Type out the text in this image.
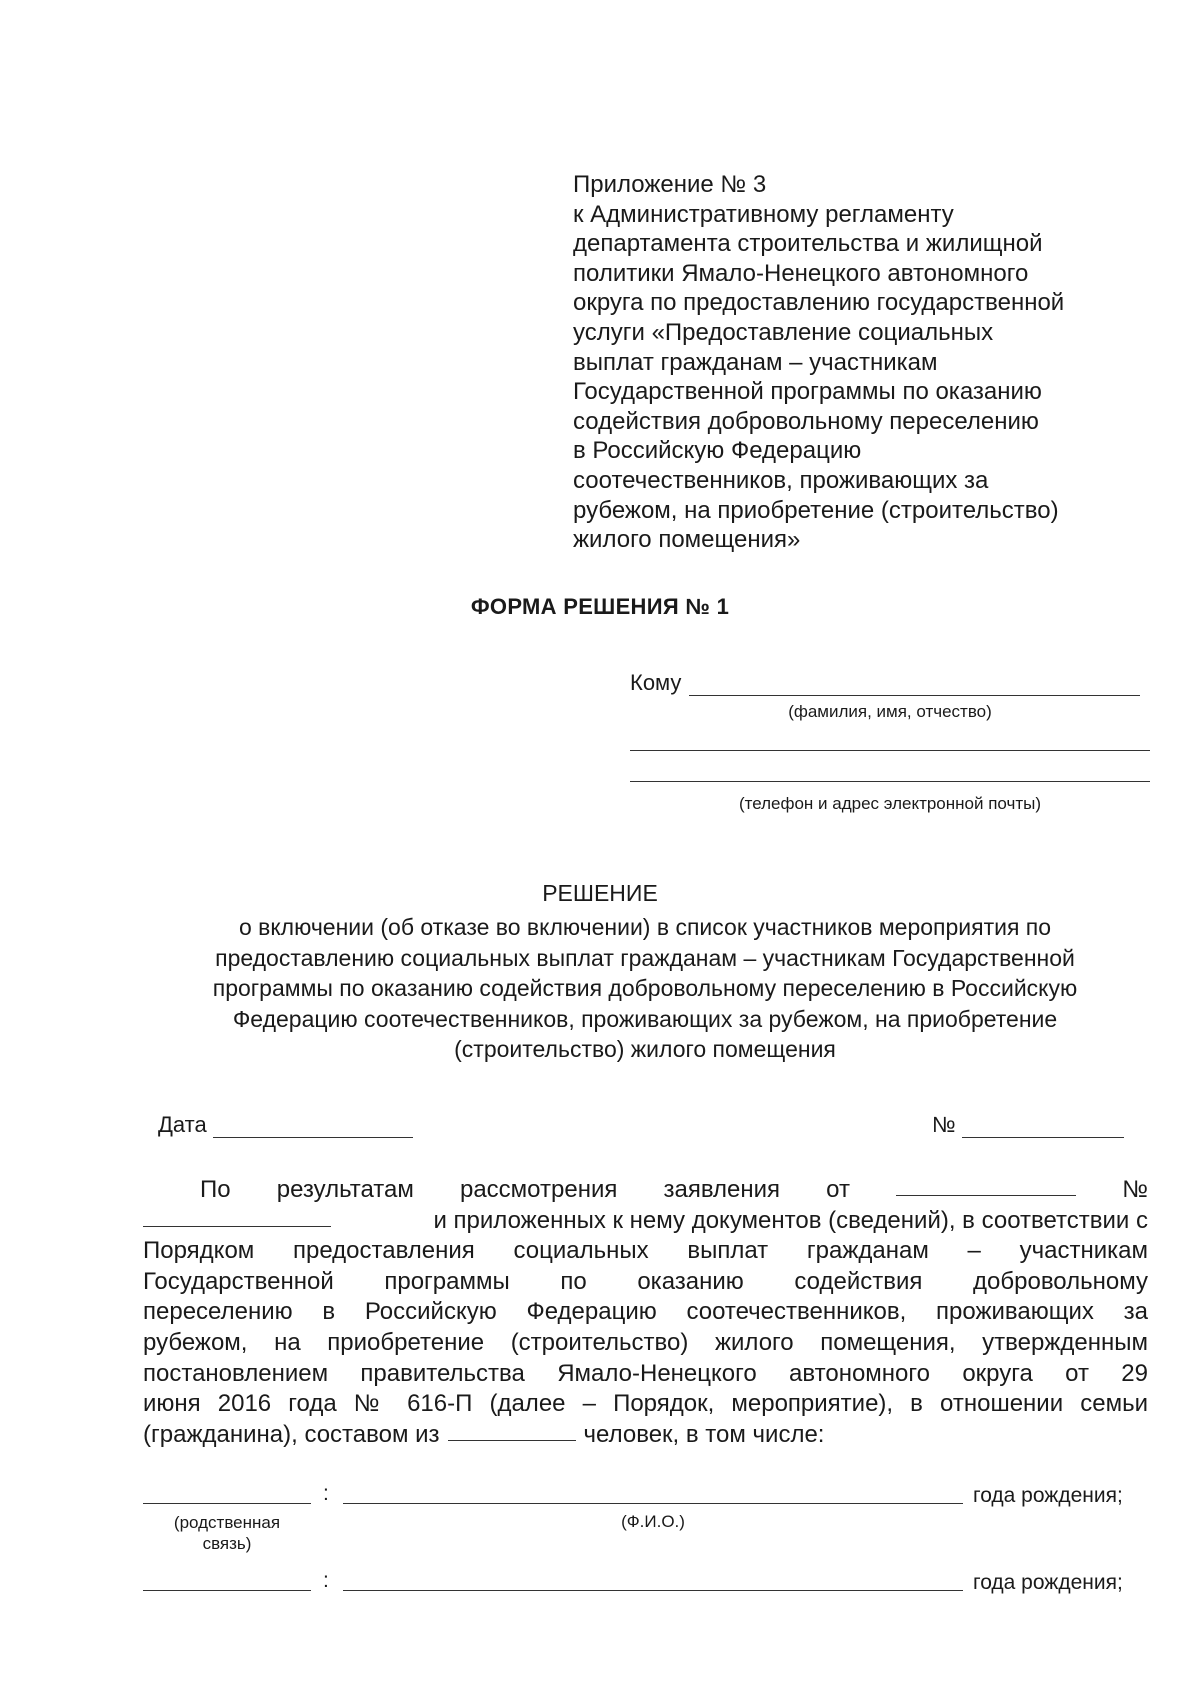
Приложение № 3
к Административному регламенту
департамента строительства и жилищной
политики Ямало-Ненецкого автономного
округа по предоставлению государственной
услуги «Предоставление социальных
выплат гражданам – участникам
Государственной программы по оказанию
содействия добровольному переселению
в Российскую Федерацию
соотечественников, проживающих за
рубежом, на приобретение (строительство)
жилого помещения»
ФОРМА РЕШЕНИЯ № 1
Кому
(фамилия, имя, отчество)
(телефон и адрес электронной почты)
РЕШЕНИЕ
о включении (об отказе во включении) в список участников мероприятия по
предоставлению социальных выплат гражданам – участникам Государственной
программы по оказанию содействия добровольному переселению в Российскую
Федерацию соотечественников, проживающих за рубежом, на приобретение
(строительство) жилого помещения
Дата	№
По результатам рассмотрения заявления от	№
и приложенных к нему документов (сведений), в соответствии с
Порядком предоставления социальных выплат гражданам – участникам
Государственной программы по оказанию содействия добровольному
переселению в Российскую Федерацию соотечественников, проживающих за
рубежом, на приобретение (строительство) жилого помещения, утвержденным
постановлением правительства Ямало-Ненецкого автономного округа от 29
июня 2016 года № 616-П (далее – Порядок, мероприятие), в отношении семьи
(гражданина), составом из	человек, в том числе:
:	года рождения;
(родственная
связь)
(Ф.И.О.)
:	года рождения;
